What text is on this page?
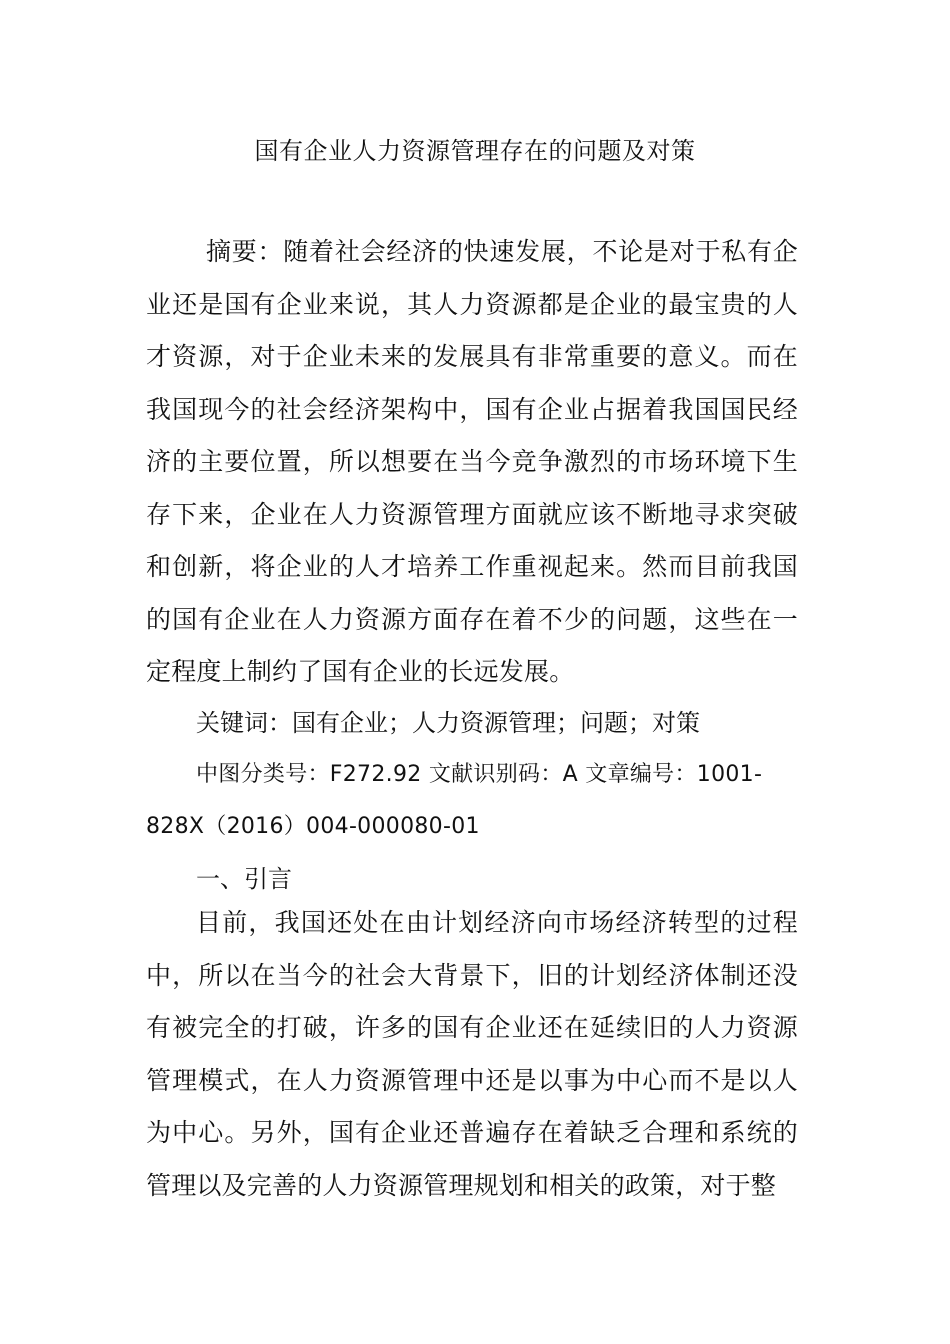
国有企业人力资源管理存在的问题及对策

摘要：随着社会经济的快速发展，不论是对于私有企业还是国有企业来说，其人力资源都是企业的最宝贵的人才资源，对于企业未来的发展具有非常重要的意义。而在我国现今的社会经济架构中，国有企业占据着我国国民经济的主要位置，所以想要在当今竞争激烈的市场环境下生存下来，企业在人力资源管理方面就应该不断地寻求突破和创新，将企业的人才培养工作重视起来。然而目前我国的国有企业在人力资源方面存在着不少的问题，这些在一定程度上制约了国有企业的长远发展。

关键词：国有企业；人力资源管理；问题；对策

中图分类号：F272.92 文献识别码：A 文章编号：1001-828X（2016）004-000080-01

一、引言

目前，我国还处在由计划经济向市场经济转型的过程中，所以在当今的社会大背景下，旧的计划经济体制还没有被完全的打破，许多的国有企业还在延续旧的人力资源管理模式，在人力资源管理中还是以事为中心而不是以人为中心。另外，国有企业还普遍存在着缺乏合理和系统的管理以及完善的人力资源管理规划和相关的政策，对于整
